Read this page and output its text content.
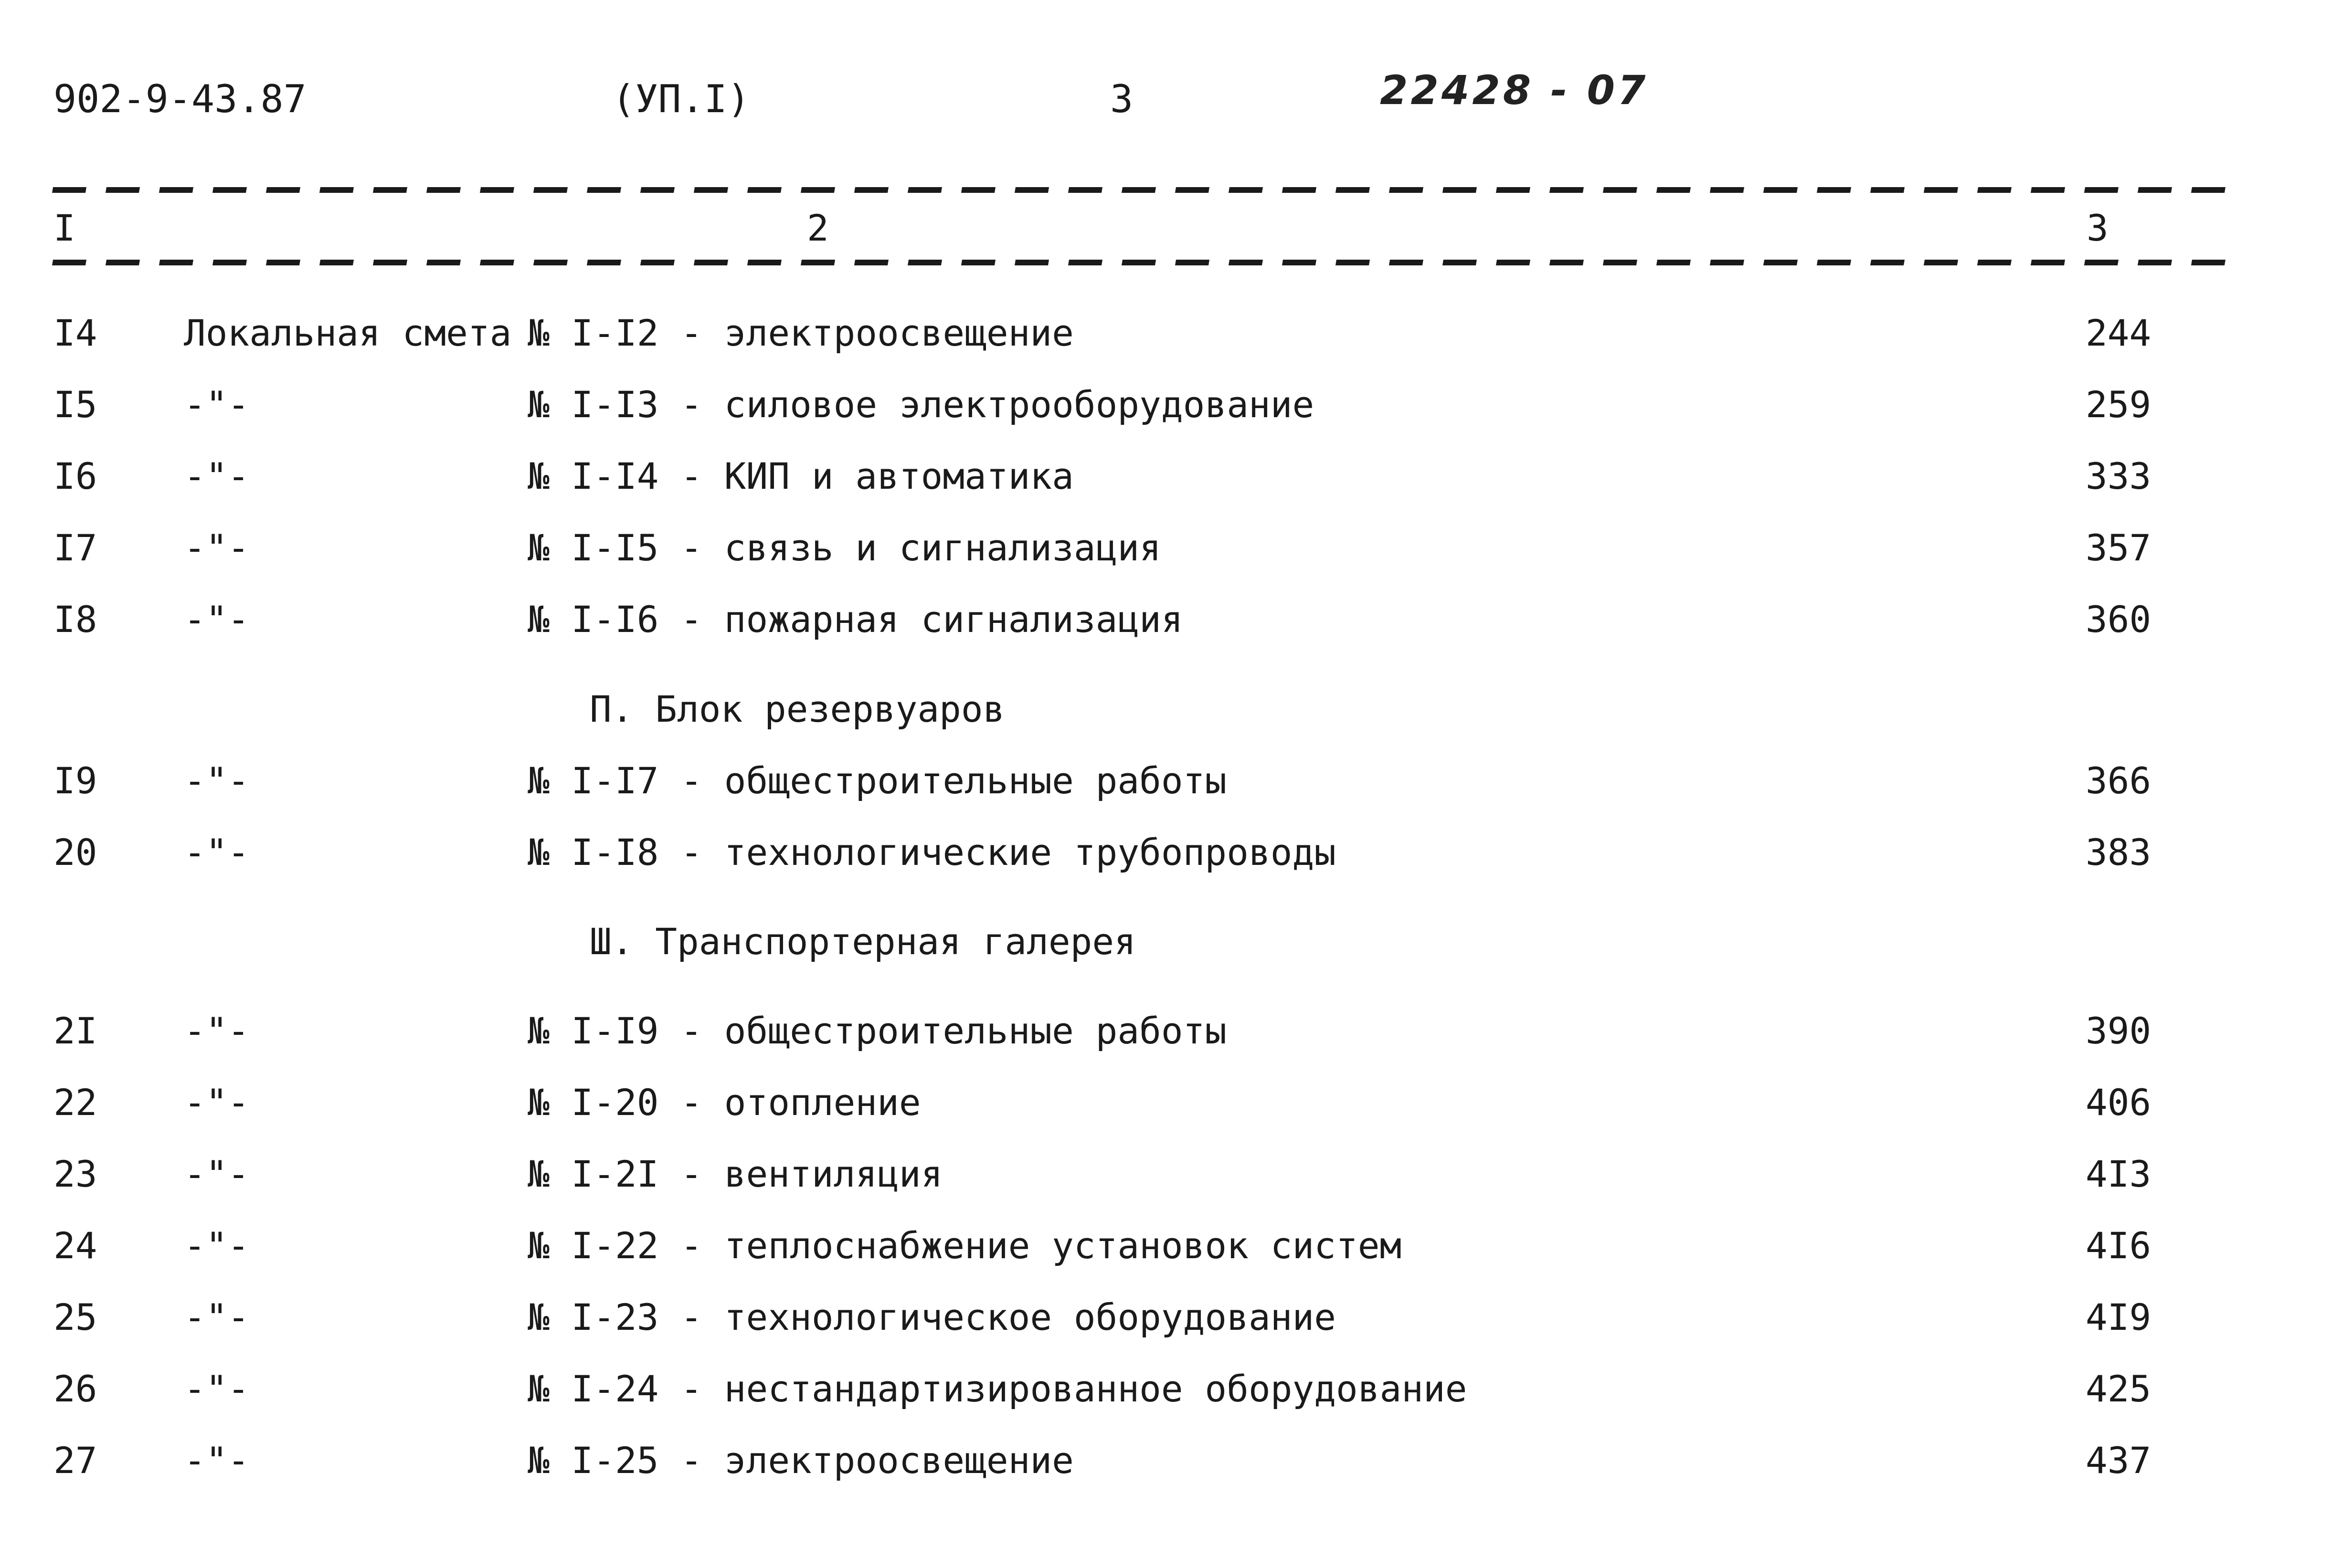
902-9-43.87	(УП.I)	3	22428 - 07
I	2	3
I4 Локальная смета № I-I2 - электроосвещение	244
I5 -"-	№ I-I3 - силовое электрооборудование	259
I6 -"-	№ I-I4 - КИП и автоматика	333
I7 -"-	№ I-I5 - связь и сигнализация	357
I8 -"-	№ I-I6 - пожарная сигнализация	360
П. Блок резервуаров
I9 -"-	№ I-I7 - общестроительные работы	366
20 -"-	№ I-I8 - технологические трубопроводы	383
Ш. Транспортерная галерея
2I -"-	№ I-I9 - общестроительные работы	390
22 -"-	№ I-20 - отопление	406
23 -"-	№ I-2I - вентиляция	4I3
24 -"-	№ I-22 - теплоснабжение установок систем	4I6
25 -"-	№ I-23 - технологическое оборудование	4I9
26 -"-	№ I-24 - нестандартизированное оборудование	425
27 -"-	№ I-25 - электроосвещение	437
